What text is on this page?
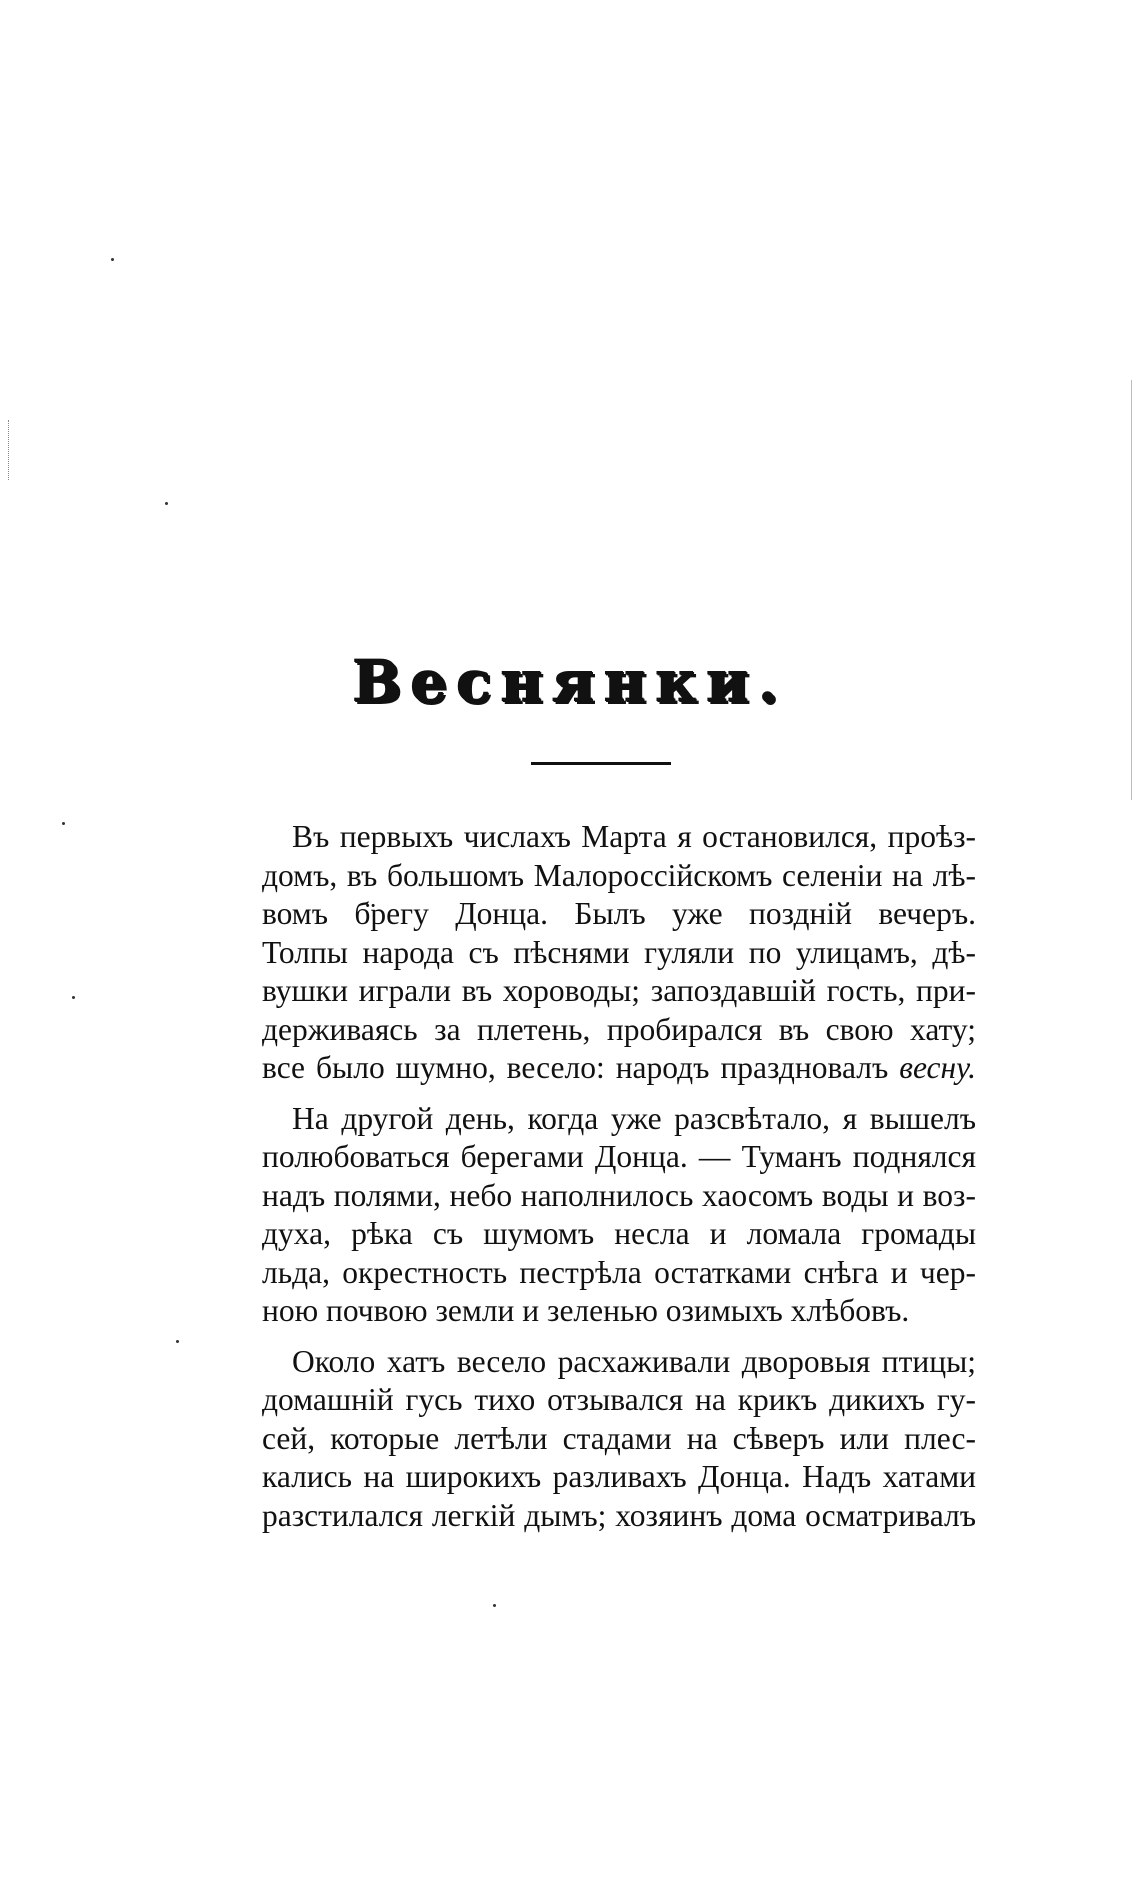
Веснянки.

Въ первыхъ числахъ Марта я остановился, проѣз-
домъ, въ большомъ Малороссійскомъ селеніи на лѣ-
вомъ б̈регу Донца. Былъ уже поздній вечеръ.
Толпы народа съ пѣснями гуляли по улицамъ, дѣ-
вушки играли въ хороводы; запоздавшій гость, при-
держиваясь за плетень, пробирался въ свою хату;
все было шумно, весело: народъ праздновалъ весну.

На другой день, когда уже разсвѣтало, я вышелъ
полюбоваться берегами Донца. — Туманъ поднялся
надъ полями, небо наполнилось хаосомъ воды и воз-
духа, рѣка съ шумомъ несла и ломала громады
льда, окрестность пестрѣла остатками снѣга и чер-
ною почвою земли и зеленью озимыхъ хлѣбовъ.

Около хатъ весело расхаживали дворовыя птицы;
домашній гусь тихо отзывался на крикъ дикихъ гу-
сей, которые летѣли стадами на сѣверъ или плес-
кались на широкихъ разливахъ Донца. Надъ хатами
разстилался легкій дымъ; хозяинъ дома осматривалъ
